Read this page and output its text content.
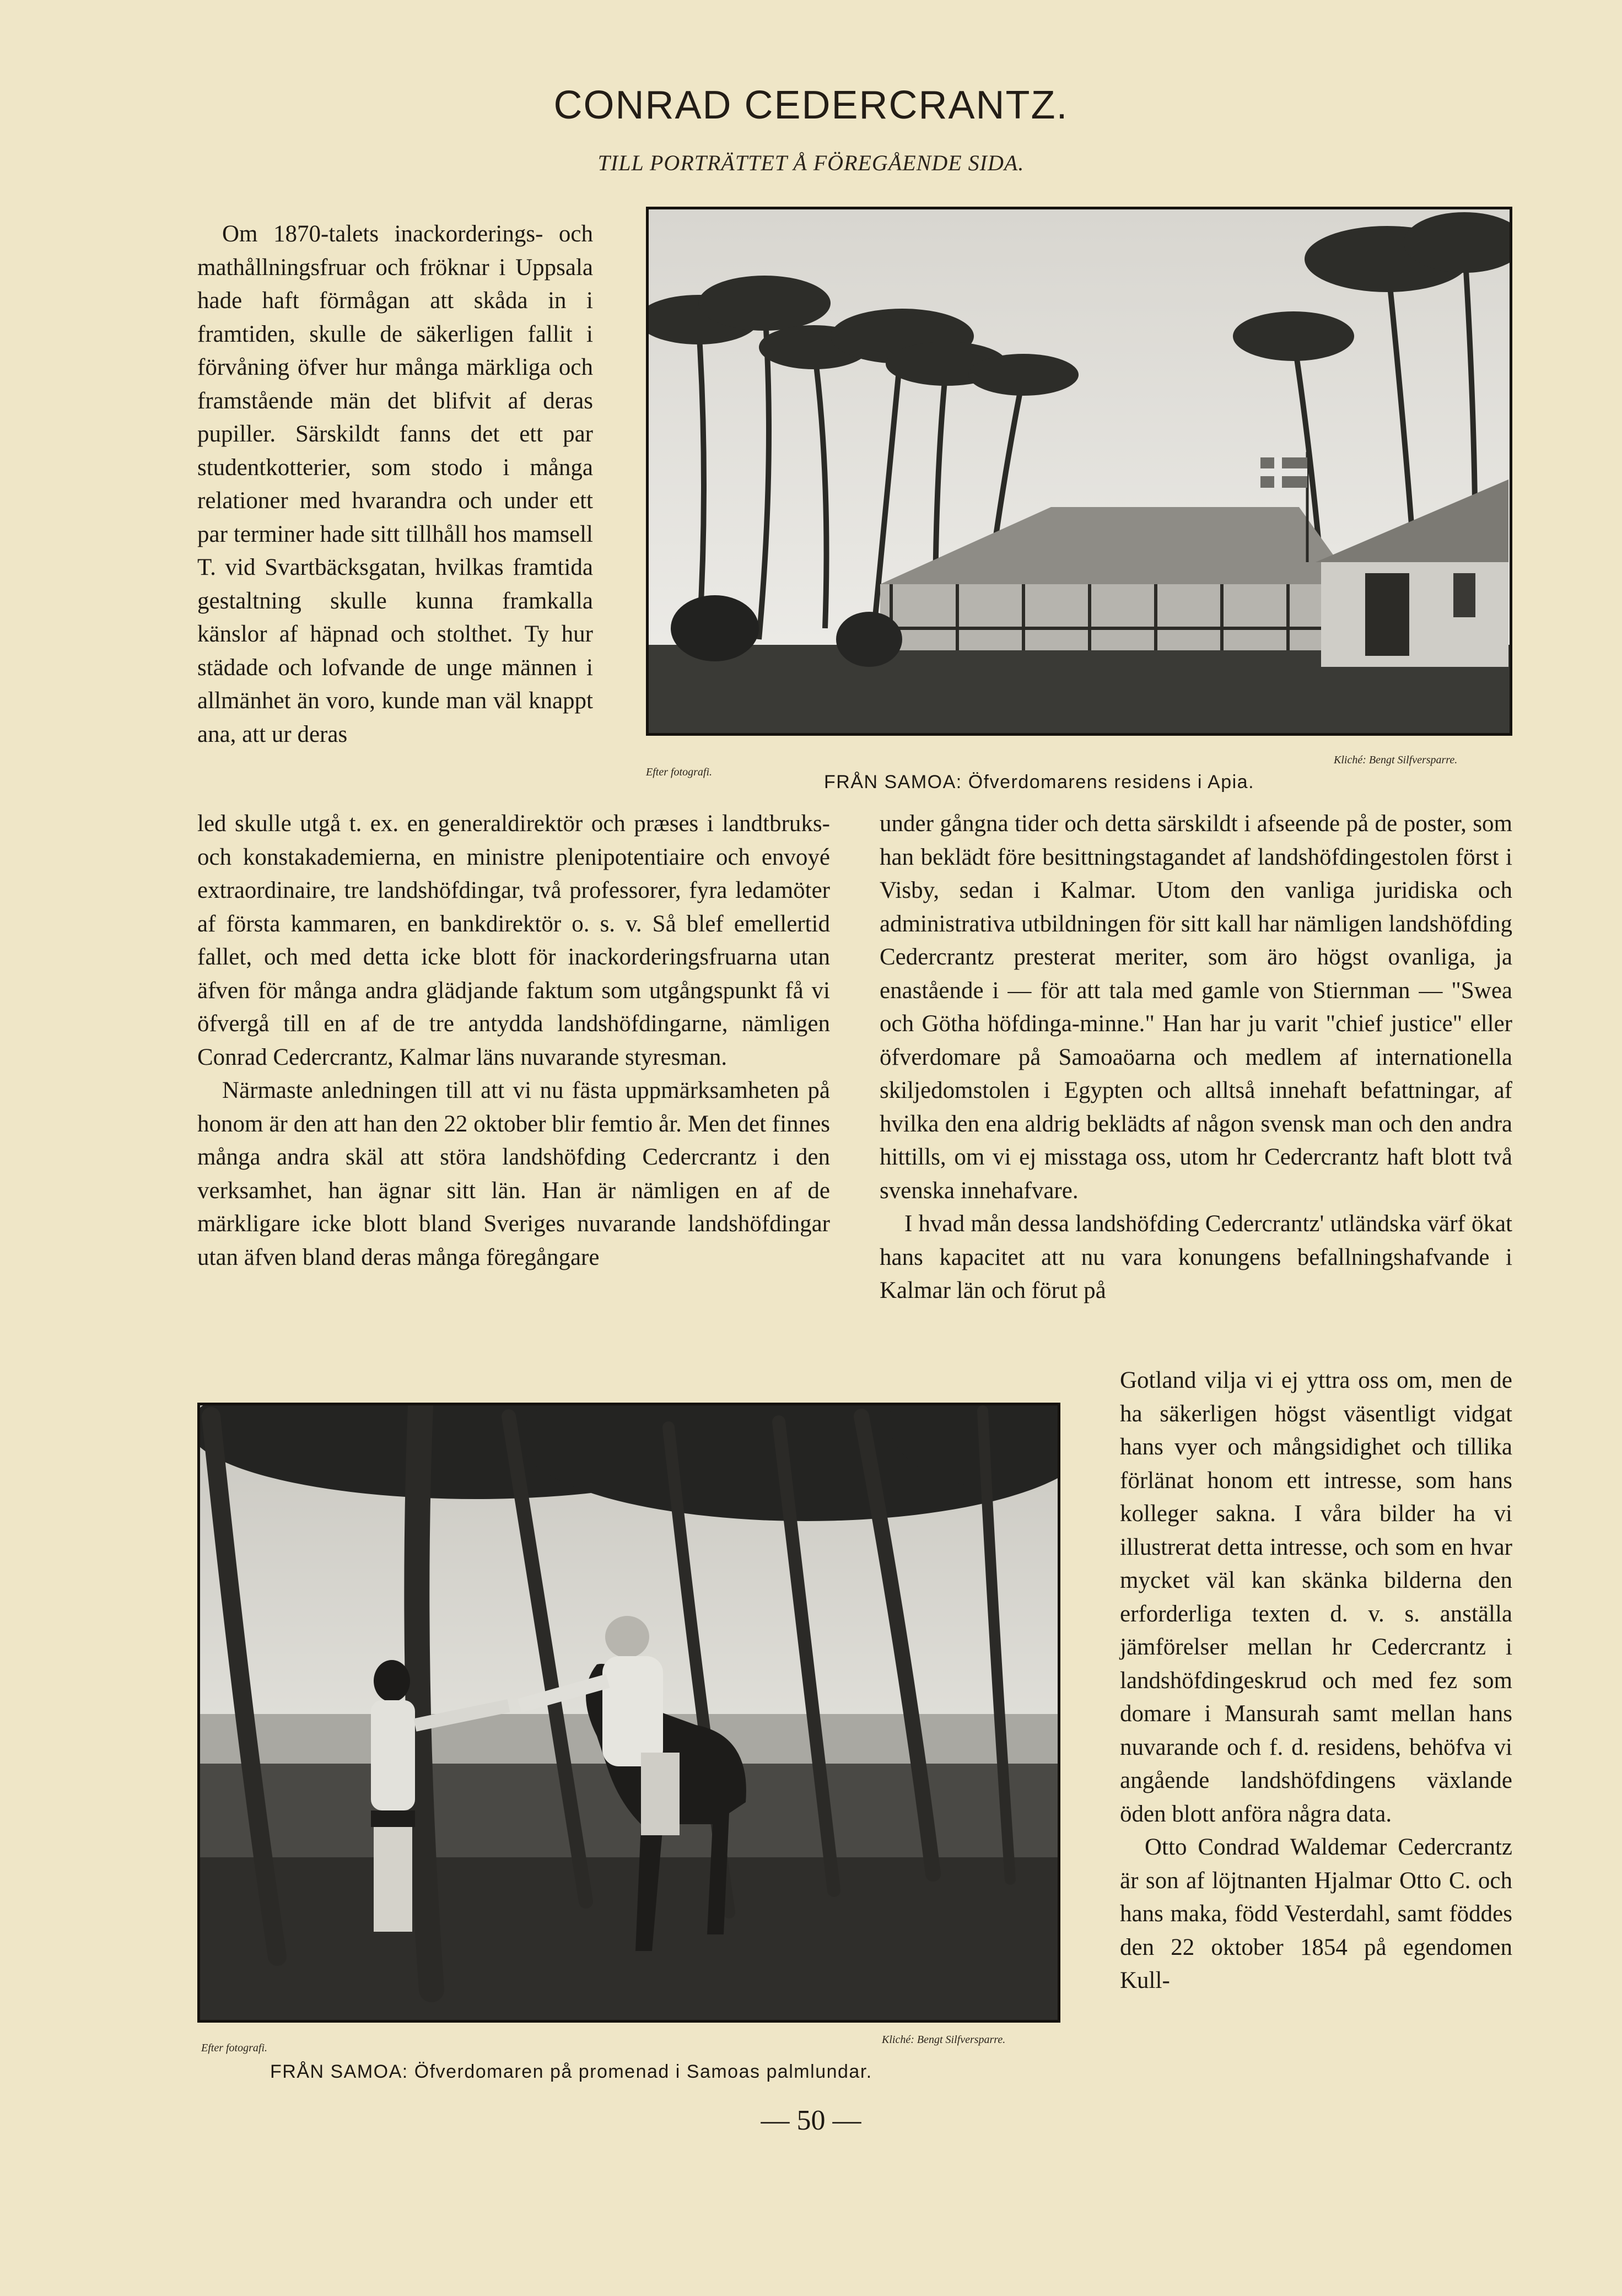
CONRAD CEDERCRANTZ.
TILL PORTRÄTTET Å FÖREGÅENDE SIDA.

Om 1870-talets inackorderings- och mathållningsfruar och fröknar i Uppsala hade haft förmågan att skåda in i framtiden, skulle de säkerligen fallit i förvåning öfver hur många märkliga och framstående män det blifvit af deras pupiller. Särskildt fanns det ett par studentkotterier, som stodo i många relationer med hvarandra och under ett par terminer hade sitt tillhåll hos mamsell T. vid Svartbäcksgatan, hvilkas framtida gestaltning skulle kunna framkalla känslor af häpnad och stolthet. Ty hur städade och lofvande de unge männen i allmänhet än voro, kunde man väl knappt ana, att ur deras

Efter fotografi.
Kliché: Bengt Silfversparre.
FRÅN SAMOA: Öfverdomarens residens i Apia.

led skulle utgå t. ex. en generaldirektör och præses i landtbruks- och konstakademierna, en ministre plenipotentiaire och envoyé extraordinaire, tre landshöfdingar, två professorer, fyra ledamöter af första kammaren, en bankdirektör o. s. v. Så blef emellertid fallet, och med detta icke blott för inackorderingsfruarna utan äfven för många andra glädjande faktum som utgångspunkt få vi öfvergå till en af de tre antydda landshöfdingarne, nämligen Conrad Cedercrantz, Kalmar läns nuvarande styresman.

Närmaste anledningen till att vi nu fästa uppmärksamheten på honom är den att han den 22 oktober blir femtio år. Men det finnes många andra skäl att störa landshöfding Cedercrantz i den verksamhet, han ägnar sitt län. Han är nämligen en af de märkligare icke blott bland Sveriges nuvarande landshöfdingar utan äfven bland deras många föregångare

under gångna tider och detta särskildt i afseende på de poster, som han beklädt före besittningstagandet af landshöfdingestolen först i Visby, sedan i Kalmar. Utom den vanliga juridiska och administrativa utbildningen för sitt kall har nämligen landshöfding Cedercrantz presterat meriter, som äro högst ovanliga, ja enastående i — för att tala med gamle von Stiernman — "Swea och Götha höfdinga-minne." Han har ju varit "chief justice" eller öfverdomare på Samoaöarna och medlem af internationella skiljedomstolen i Egypten och alltså innehaft befattningar, af hvilka den ena aldrig beklädts af någon svensk man och den andra hittills, om vi ej misstaga oss, utom hr Cedercrantz haft blott två svenska innehafvare.

I hvad mån dessa landshöfding Cedercrantz' utländska värf ökat hans kapacitet att nu vara konungens befallningshafvande i Kalmar län och förut på

Efter fotografi.
Kliché: Bengt Silfversparre.
FRÅN SAMOA: Öfverdomaren på promenad i Samoas palmlundar.

Gotland vilja vi ej yttra oss om, men de ha säkerligen högst väsentligt vidgat hans vyer och mångsidighet och tillika förlänat honom ett intresse, som hans kolleger sakna. I våra bilder ha vi illustrerat detta intresse, och som en hvar mycket väl kan skänka bilderna den erforderliga texten d. v. s. anställa jämförelser mellan hr Cedercrantz i landshöfdingeskrud och med fez som domare i Mansurah samt mellan hans nuvarande och f. d. residens, behöfva vi angående landshöfdingens växlande öden blott anföra några data.

Otto Condrad Waldemar Cedercrantz är son af löjtnanten Hjalmar Otto C. och hans maka, född Vesterdahl, samt föddes den 22 oktober 1854 på egendomen Kull-

— 50 —
